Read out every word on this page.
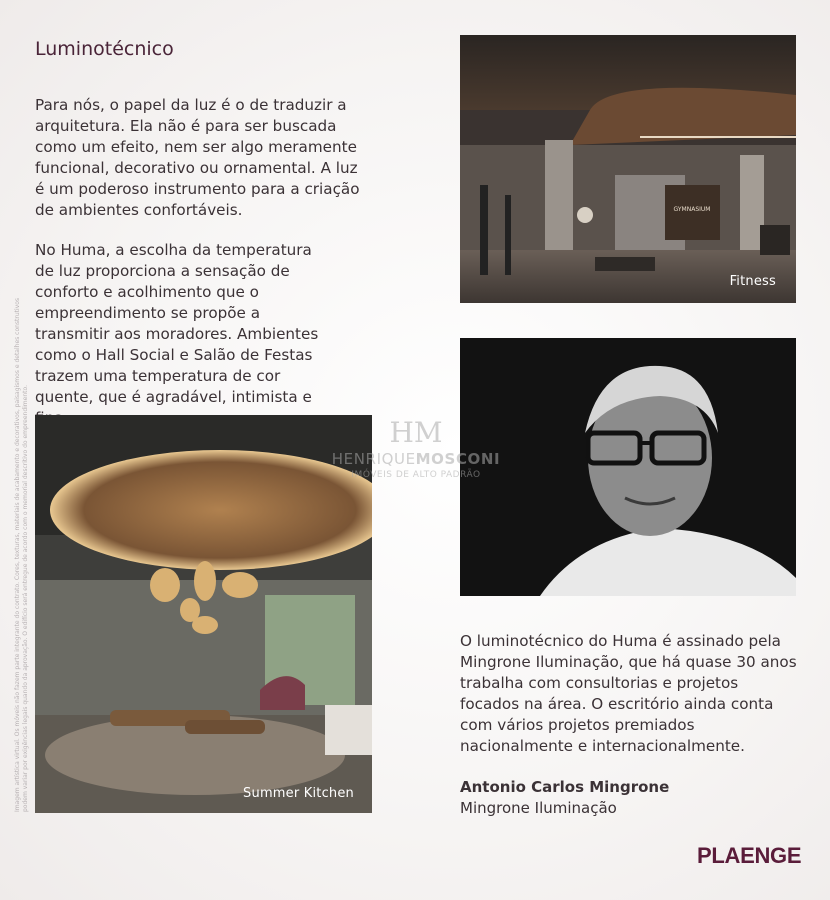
Luminotécnico

Para nós, o papel da luz é o de traduzir a arquitetura. Ela não é para ser buscada como um efeito, nem ser algo meramente funcional, decorativo ou ornamental. A luz é um poderoso instrumento para a criação de ambientes confortáveis.

No Huma, a escolha da temperatura de luz proporciona a sensação de conforto e acolhimento que o empreendimento se propõe a transmitir aos moradores. Ambientes como o Hall Social e Salão de Festas trazem uma temperatura de cor quente, que é agradável, intimista e

GYMNASIUM
Fitness
Summer Kitchen
HM
HENRIQUEMOSCONI
IMÓVEIS DE ALTO PADRÃO
Imagem artística virtual. Os móveis não fazem parte integrante do contrato. Cores, texturas, materiais de acabamento e decorativos, paisagismos e detalhes construtivos podem variar por exigências legais quando da aprovação. O edifício será entregue de acordo com o memorial descritivo do empreendimento.	O luminotécnico do Huma é assinado pela Mingrone Iluminação, que há quase 30 anos trabalha com consultorias e projetos focados na área. O escritório ainda conta com vários projetos premiados nacionalmente e internacionalmente.

Antonio Carlos Mingrone
Mingrone Iluminação
PLAENGE
